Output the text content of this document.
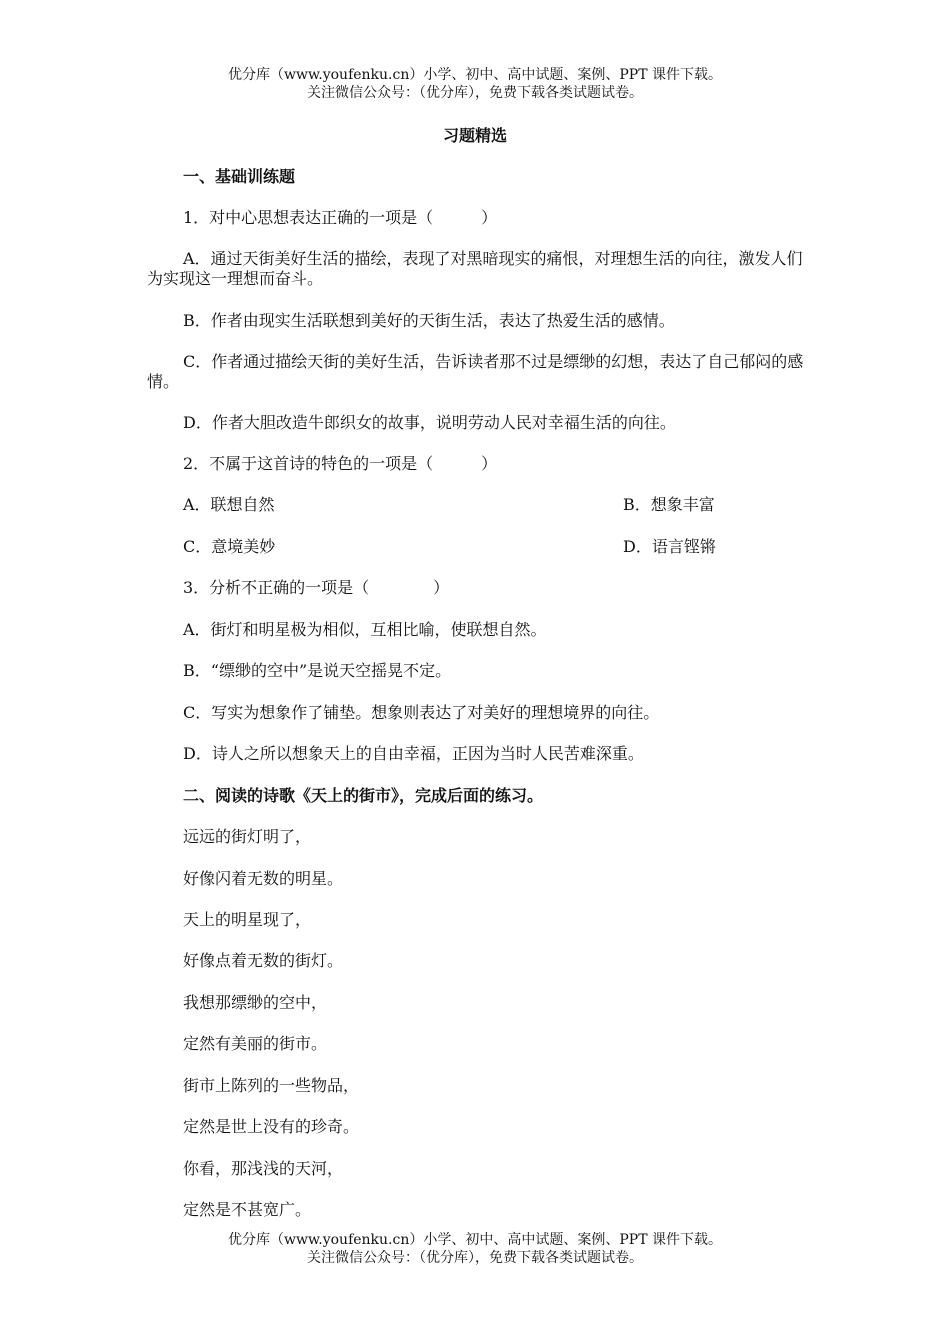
优分库（www.youfenku.cn）小学、初中、高中试题、案例、PPT 课件下载。
关注微信公众号：（优分库），免费下载各类试题试卷。
习题精选
一、基础训练题
1．对中心思想表达正确的一项是（　　　）
A．通过天街美好生活的描绘，表现了对黑暗现实的痛恨，对理想生活的向往，激发人们为实现这一理想而奋斗。
B．作者由现实生活联想到美好的天街生活，表达了热爱生活的感情。
C．作者通过描绘天街的美好生活，告诉读者那不过是缥缈的幻想，表达了自己郁闷的感情。
D．作者大胆改造牛郎织女的故事，说明劳动人民对幸福生活的向往。
2．不属于这首诗的特色的一项是（　　　）
A．联想自然	B．想象丰富
C．意境美妙	D．语言铿锵
3．分析不正确的一项是（　　　　）
A．街灯和明星极为相似，互相比喻，使联想自然。
B．“缥缈的空中”是说天空摇晃不定。
C．写实为想象作了铺垫。想象则表达了对美好的理想境界的向往。
D．诗人之所以想象天上的自由幸福，正因为当时人民苦难深重。
二、阅读的诗歌《天上的街市》，完成后面的练习。
远远的街灯明了，
好像闪着无数的明星。
天上的明星现了，
好像点着无数的街灯。
我想那缥缈的空中，
定然有美丽的街市。
街市上陈列的一些物品，
定然是世上没有的珍奇。
你看，那浅浅的天河，
定然是不甚宽广。
优分库（www.youfenku.cn）小学、初中、高中试题、案例、PPT 课件下载。
关注微信公众号：（优分库），免费下载各类试题试卷。
